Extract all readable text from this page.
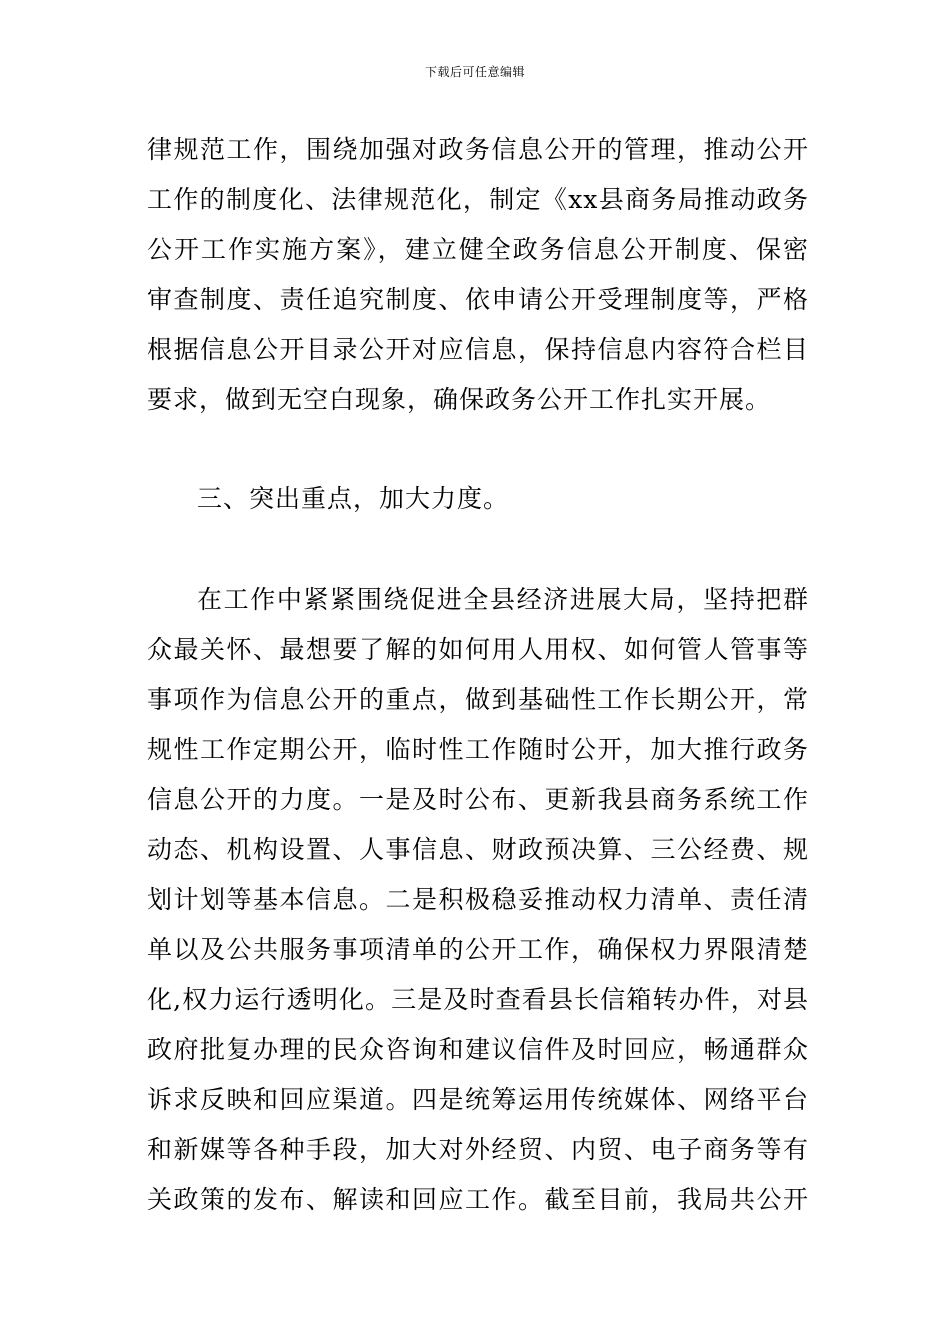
下载后可任意编辑
律规范工作，围绕加强对政务信息公开的管理，推动公开
工作的制度化、法律规范化，制定《xx县商务局推动政务
公开工作实施方案》，建立健全政务信息公开制度、保密
审查制度、责任追究制度、依申请公开受理制度等，严格
根据信息公开目录公开对应信息，保持信息内容符合栏目
要求，做到无空白现象，确保政务公开工作扎实开展。
三、突出重点，加大力度。
在工作中紧紧围绕促进全县经济进展大局，坚持把群
众最关怀、最想要了解的如何用人用权、如何管人管事等
事项作为信息公开的重点，做到基础性工作长期公开，常
规性工作定期公开，临时性工作随时公开，加大推行政务
信息公开的力度。一是及时公布、更新我县商务系统工作
动态、机构设置、人事信息、财政预决算、三公经费、规
划计划等基本信息。二是积极稳妥推动权力清单、责任清
单以及公共服务事项清单的公开工作，确保权力界限清楚
化,权力运行透明化。三是及时查看县长信箱转办件，对县
政府批复办理的民众咨询和建议信件及时回应，畅通群众
诉求反映和回应渠道。四是统筹运用传统媒体、网络平台
和新媒等各种手段，加大对外经贸、内贸、电子商务等有
关政策的发布、解读和回应工作。截至目前，我局共公开
